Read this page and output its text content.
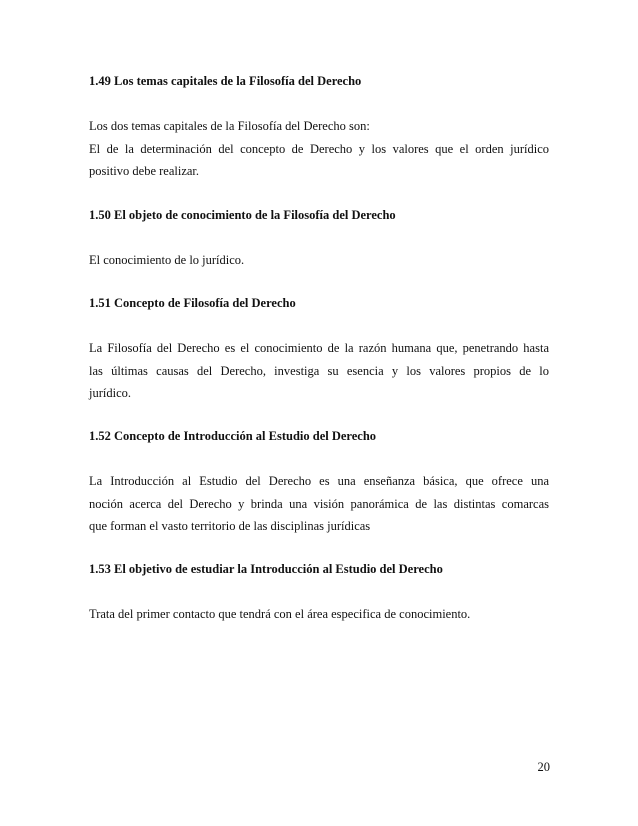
1.49 Los temas capitales de la Filosofía del Derecho

Los dos temas capitales de la Filosofía del Derecho son:
El de la determinación del concepto de Derecho y los valores que el orden jurídico
positivo debe realizar.

1.50 El objeto de conocimiento de la Filosofía del Derecho

El conocimiento de lo jurídico.

1.51 Concepto de Filosofía del Derecho

La Filosofía del Derecho es el conocimiento de la razón humana que, penetrando hasta
las últimas causas del Derecho, investiga su esencia y los valores propios de lo
jurídico.

1.52 Concepto de Introducción al Estudio del Derecho

La Introducción al Estudio del Derecho es una enseñanza básica, que ofrece una
noción acerca del Derecho y brinda una visión panorámica de las distintas comarcas
que forman el vasto territorio de las disciplinas jurídicas

1.53 El objetivo de estudiar la Introducción al Estudio del Derecho

Trata del primer contacto que tendrá con el área especifica de conocimiento.
20
